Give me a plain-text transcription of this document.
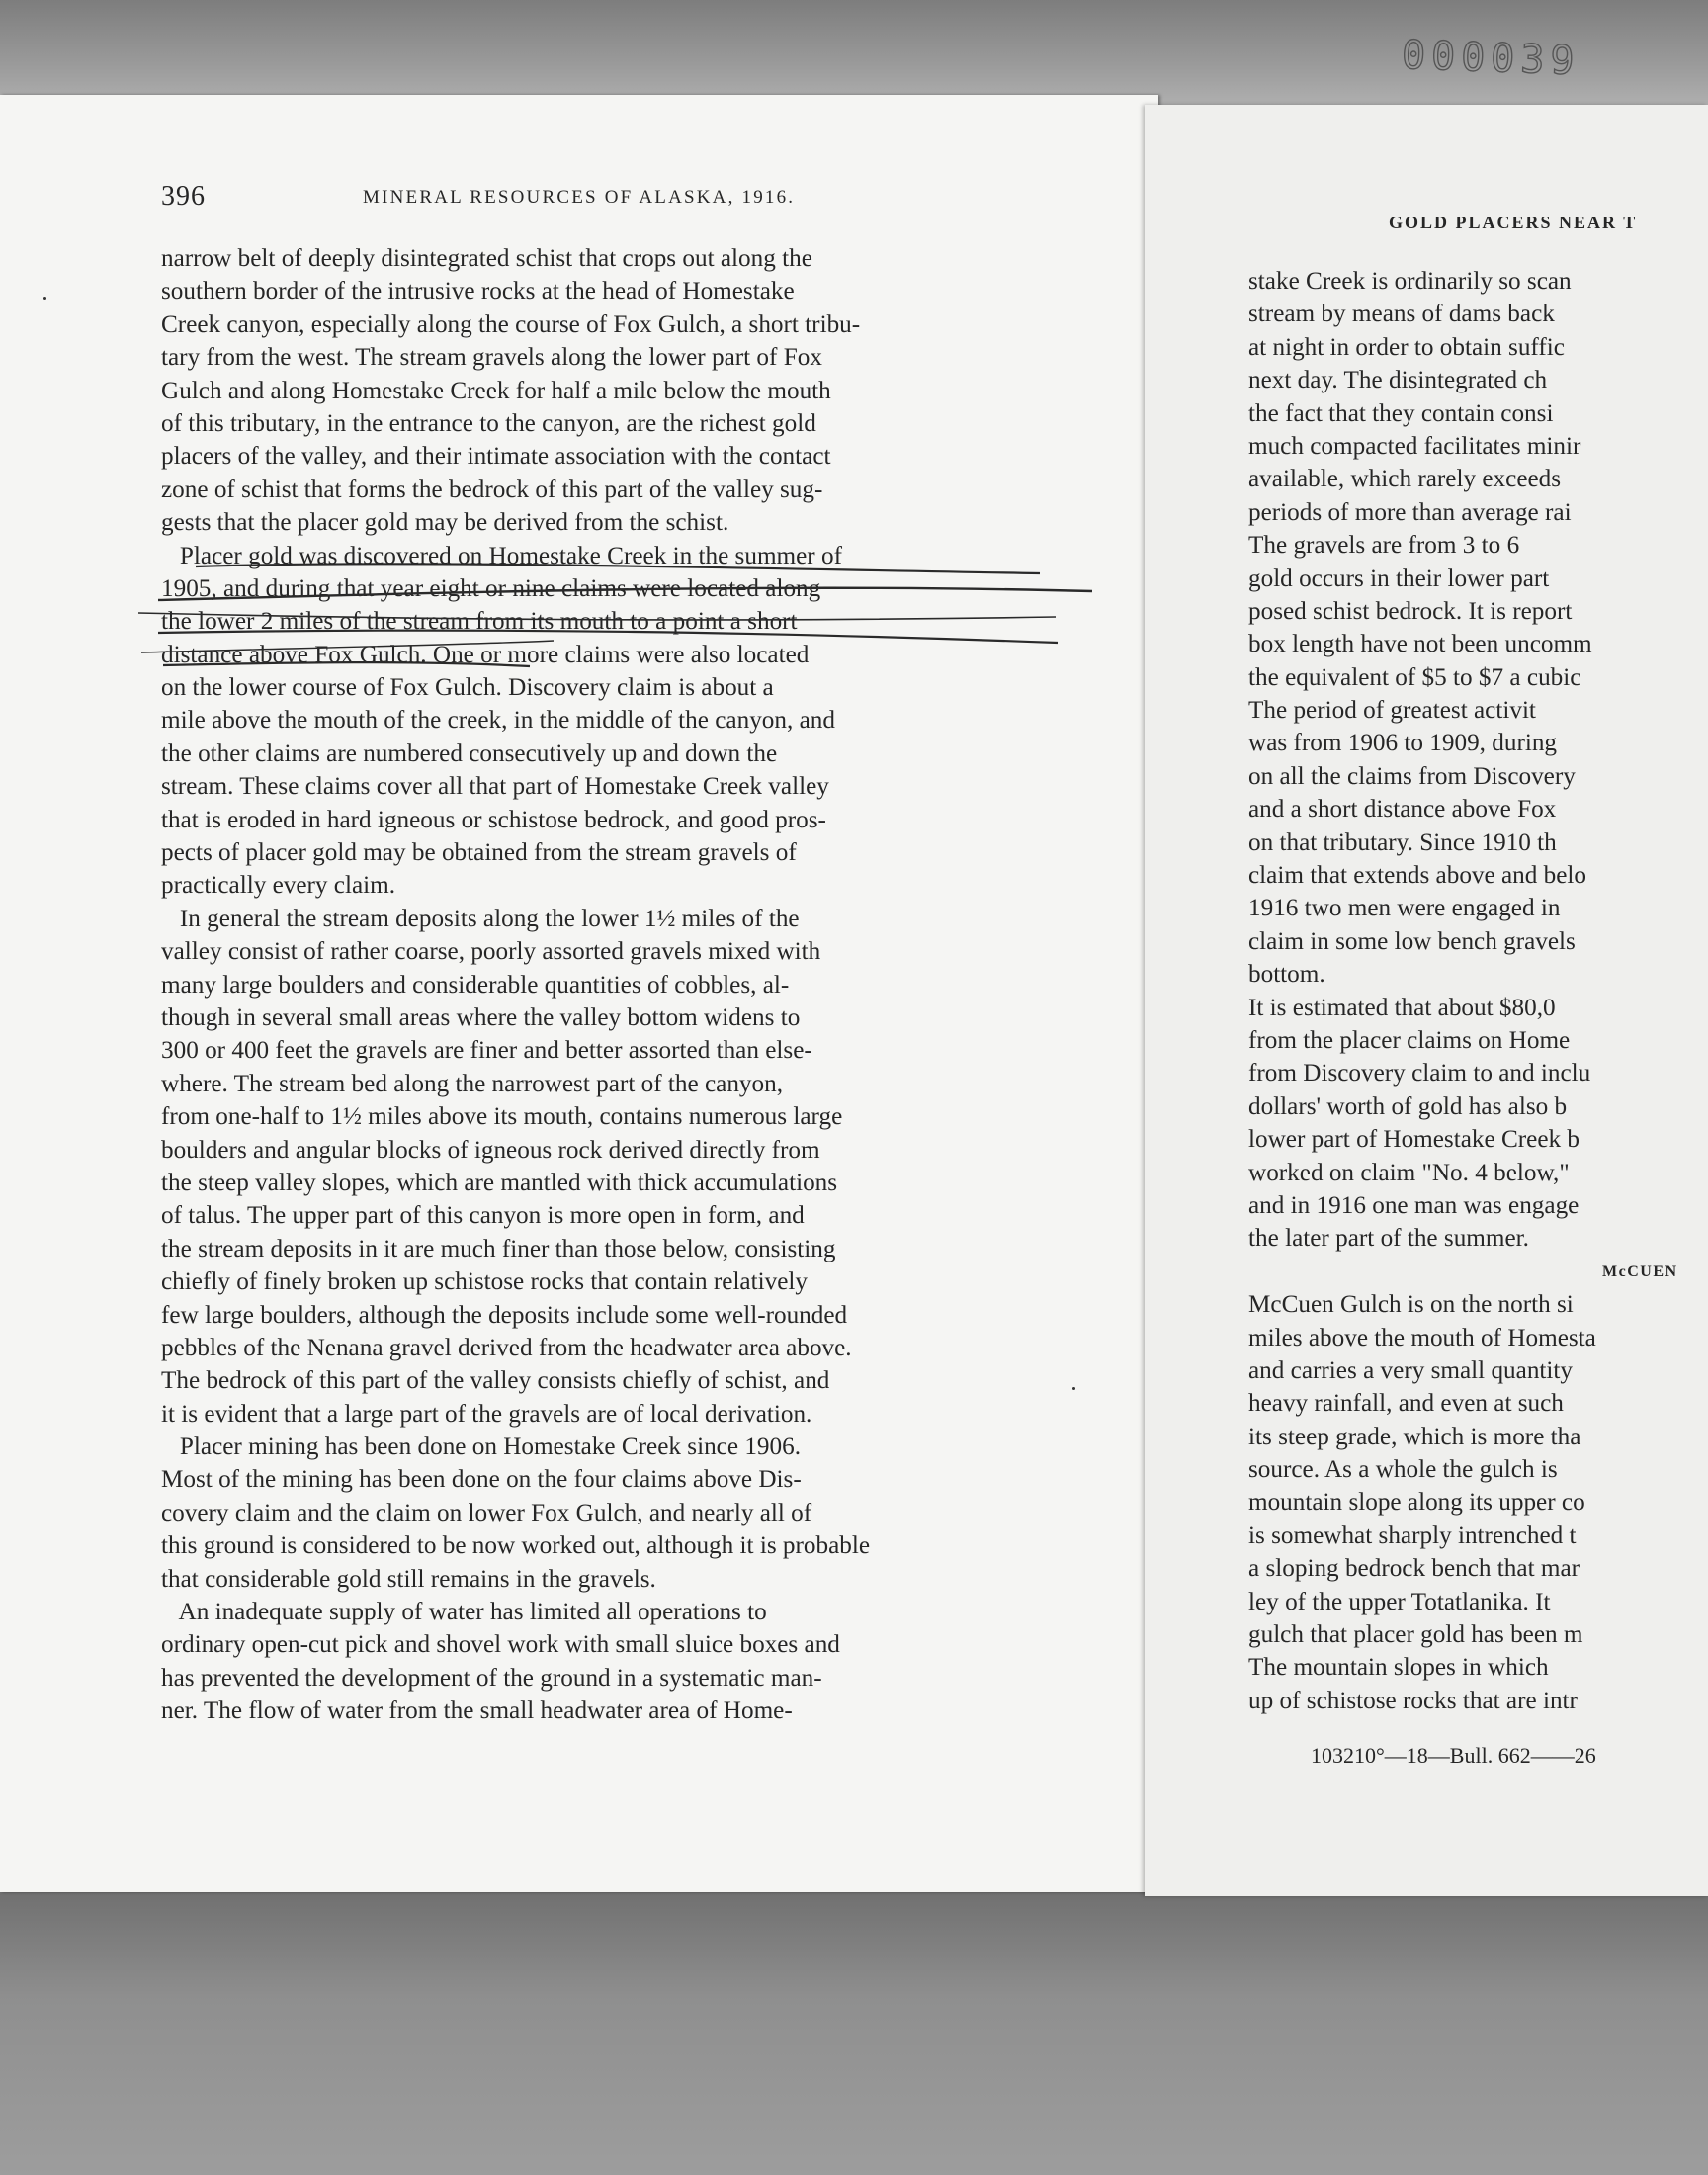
000039
396	MINERAL RESOURCES OF ALASKA, 1916.
narrow belt of deeply disintegrated schist that crops out along the
southern border of the intrusive rocks at the head of Homestake
Creek canyon, especially along the course of Fox Gulch, a short tribu-
tary from the west. The stream gravels along the lower part of Fox
Gulch and along Homestake Creek for half a mile below the mouth
of this tributary, in the entrance to the canyon, are the richest gold
placers of the valley, and their intimate association with the contact
zone of schist that forms the bedrock of this part of the valley sug-
gests that the placer gold may be derived from the schist.
Placer gold was discovered on Homestake Creek in the summer of
1905, and during that year eight or nine claims were located along
the lower 2 miles of the stream from its mouth to a point a short
distance above Fox Gulch. One or more claims were also located
on the lower course of Fox Gulch. Discovery claim is about a
mile above the mouth of the creek, in the middle of the canyon, and
the other claims are numbered consecutively up and down the
stream. These claims cover all that part of Homestake Creek valley
that is eroded in hard igneous or schistose bedrock, and good pros-
pects of placer gold may be obtained from the stream gravels of
practically every claim.
In general the stream deposits along the lower 1½ miles of the
valley consist of rather coarse, poorly assorted gravels mixed with
many large boulders and considerable quantities of cobbles, al-
though in several small areas where the valley bottom widens to
300 or 400 feet the gravels are finer and better assorted than else-
where. The stream bed along the narrowest part of the canyon,
from one-half to 1½ miles above its mouth, contains numerous large
boulders and angular blocks of igneous rock derived directly from
the steep valley slopes, which are mantled with thick accumulations
of talus. The upper part of this canyon is more open in form, and
the stream deposits in it are much finer than those below, consisting
chiefly of finely broken up schistose rocks that contain relatively
few large boulders, although the deposits include some well-rounded
pebbles of the Nenana gravel derived from the headwater area above.
The bedrock of this part of the valley consists chiefly of schist, and
it is evident that a large part of the gravels are of local derivation.
Placer mining has been done on Homestake Creek since 1906.
Most of the mining has been done on the four claims above Dis-
covery claim and the claim on lower Fox Gulch, and nearly all of
this ground is considered to be now worked out, although it is probable
that considerable gold still remains in the gravels.
An inadequate supply of water has limited all operations to
ordinary open-cut pick and shovel work with small sluice boxes and
has prevented the development of the ground in a systematic man-
ner. The flow of water from the small headwater area of Home-
GOLD PLACERS NEAR T
stake Creek is ordinarily so scan
stream by means of dams back
at night in order to obtain suffic
next day. The disintegrated ch
the fact that they contain consi
much compacted facilitates minir
available, which rarely exceeds
periods of more than average rai
The gravels are from 3 to 6
gold occurs in their lower part
posed schist bedrock. It is report
box length have not been uncomm
the equivalent of $5 to $7 a cubic
The period of greatest activit
was from 1906 to 1909, during
on all the claims from Discovery
and a short distance above Fox
on that tributary. Since 1910 th
claim that extends above and belo
1916 two men were engaged in
claim in some low bench gravels
bottom.
It is estimated that about $80,0
from the placer claims on Home
from Discovery claim to and inclu
dollars' worth of gold has also b
lower part of Homestake Creek b
worked on claim "No. 4 below,"
and in 1916 one man was engage
the later part of the summer.
McCUEN
McCuen Gulch is on the north si
miles above the mouth of Homesta
and carries a very small quantity
heavy rainfall, and even at such
its steep grade, which is more tha
source. As a whole the gulch is
mountain slope along its upper co
is somewhat sharply intrenched t
a sloping bedrock bench that mar
ley of the upper Totatlanika. It
gulch that placer gold has been m
The mountain slopes in which
up of schistose rocks that are intr
103210°—18—Bull. 662——26
